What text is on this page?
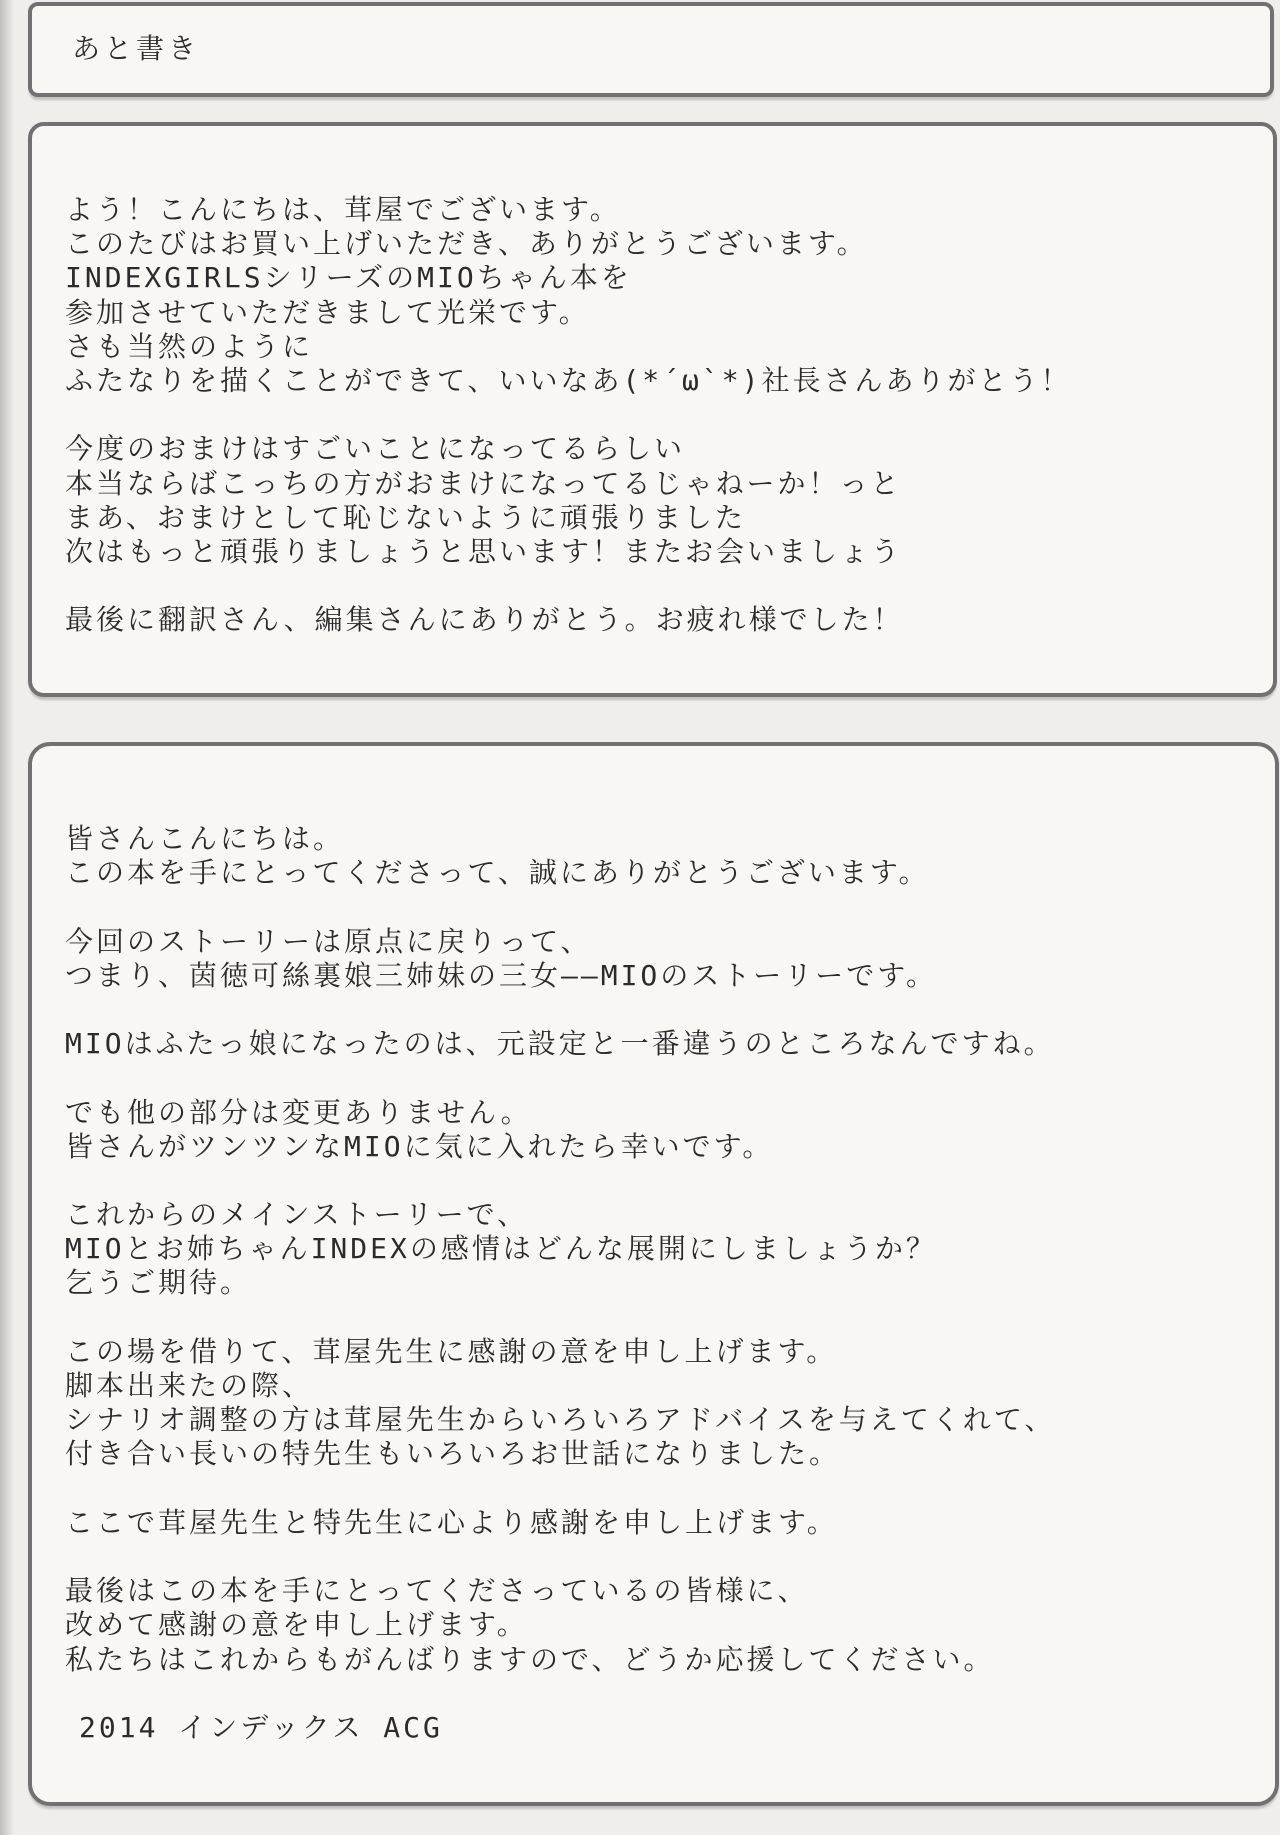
あと書き
よう！こんにちは、茸屋でございます。
このたびはお買い上げいただき、ありがとうございます。
INDEXGIRLSシリーズのMIOちゃん本を
参加させていただきまして光栄です。
さも当然のように
ふたなりを描くことができて、いいなあ(*´ω`*)社長さんありがとう！
今度のおまけはすごいことになってるらしい
本当ならばこっちの方がおまけになってるじゃねーか！っと
まあ、おまけとして恥じないように頑張りました
次はもっと頑張りましょうと思います！またお会いましょう
最後に翻訳さん、編集さんにありがとう。お疲れ様でした！
皆さんこんにちは。
この本を手にとってくださって、誠にありがとうございます。
今回のストーリーは原点に戻りって、
つまり、茵徳可絲裏娘三姉妹の三女——MIOのストーリーです。
MIOはふたっ娘になったのは、元設定と一番違うのところなんですね。
でも他の部分は変更ありません。
皆さんがツンツンなMIOに気に入れたら幸いです。
これからのメインストーリーで、
MIOとお姉ちゃんINDEXの感情はどんな展開にしましょうか？
乞うご期待。
この場を借りて、茸屋先生に感謝の意を申し上げます。
脚本出来たの際、
シナリオ調整の方は茸屋先生からいろいろアドバイスを与えてくれて、
付き合い長いの特先生もいろいろお世話になりました。
ここで茸屋先生と特先生に心より感謝を申し上げます。
最後はこの本を手にとってくださっているの皆様に、
改めて感謝の意を申し上げます。
私たちはこれからもがんばりますので、どうか応援してください。
2014 インデックス ACG
